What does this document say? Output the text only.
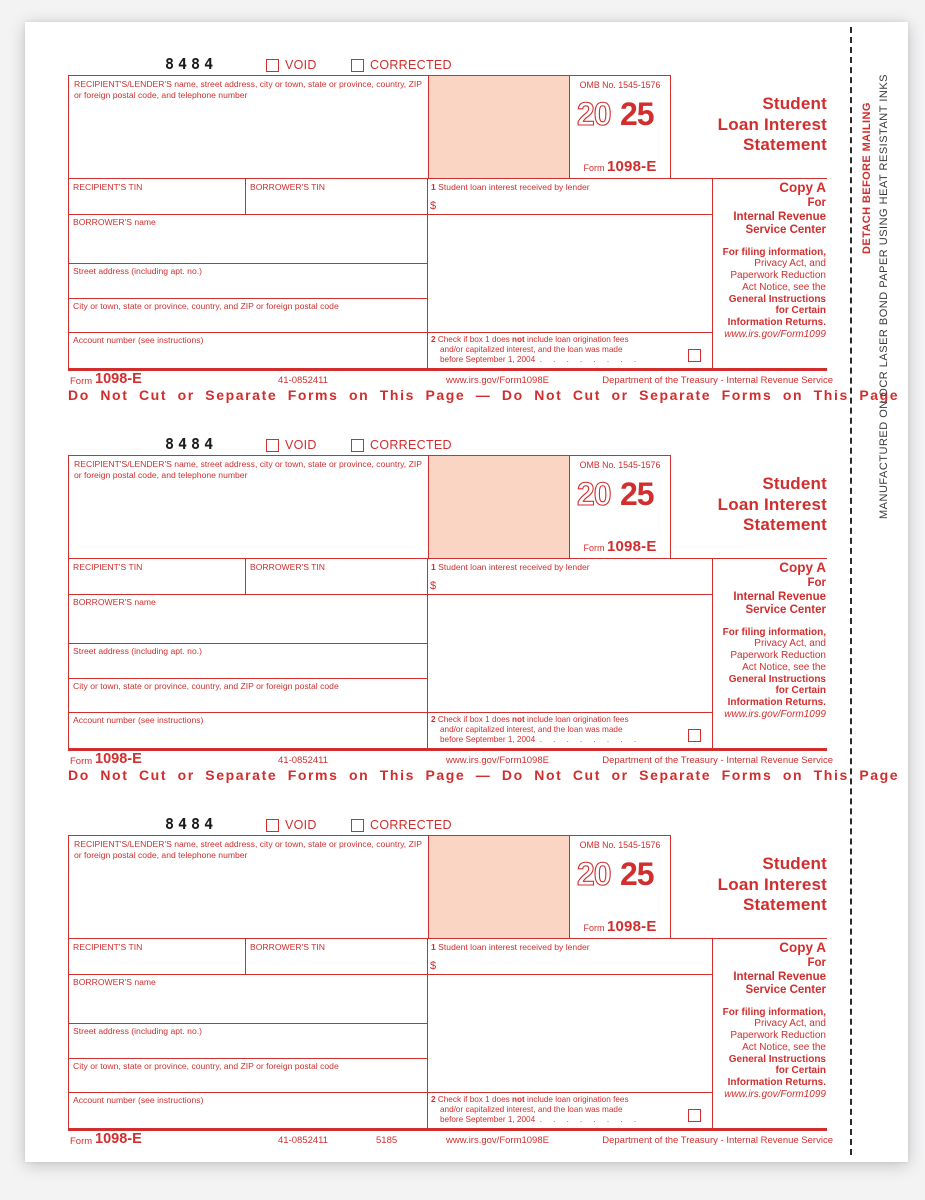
8484	VOID	CORRECTED
RECIPIENT'S/LENDER'S name, street address, city or town, state or province, country, ZIP or foreign postal code, and telephone number
OMB No. 1545-1576
20 25
Form 1098-E
Student
Loan Interest
Statement
RECIPIENT'S TIN	BORROWER'S TIN	1 Student loan interest received by lender
$
BORROWER'S name
Street address (including apt. no.)
City or town, state or province, country, and ZIP or foreign postal code
Account number (see instructions)	2 Check if box 1 does not include loan origination fees
and/or capitalized interest, and the loan was made
before September 1, 2004 . . . . . . . .
Copy A
For
Internal Revenue
Service Center
For filing information,
Privacy Act, and
Paperwork Reduction
Act Notice, see the
General Instructions
for Certain
Information Returns.
www.irs.gov/Form1099
Form 1098-E	41-0852411	www.irs.gov/Form1098E	Department of the Treasury - Internal Revenue Service
Do Not Cut or Separate Forms on This Page — Do Not Cut or Separate Forms on This Page
8484	VOID	CORRECTED
RECIPIENT'S/LENDER'S name, street address, city or town, state or province, country, ZIP or foreign postal code, and telephone number
OMB No. 1545-1576
20 25
Form 1098-E
Student
Loan Interest
Statement
RECIPIENT'S TIN	BORROWER'S TIN	1 Student loan interest received by lender
$
BORROWER'S name
Street address (including apt. no.)
City or town, state or province, country, and ZIP or foreign postal code
Account number (see instructions)	2 Check if box 1 does not include loan origination fees
and/or capitalized interest, and the loan was made
before September 1, 2004 . . . . . . . .
Copy A
For
Internal Revenue
Service Center
For filing information,
Privacy Act, and
Paperwork Reduction
Act Notice, see the
General Instructions
for Certain
Information Returns.
www.irs.gov/Form1099
Form 1098-E	41-0852411	www.irs.gov/Form1098E	Department of the Treasury - Internal Revenue Service
Do Not Cut or Separate Forms on This Page — Do Not Cut or Separate Forms on This Page
8484	VOID	CORRECTED
RECIPIENT'S/LENDER'S name, street address, city or town, state or province, country, ZIP or foreign postal code, and telephone number
OMB No. 1545-1576
20 25
Form 1098-E
Student
Loan Interest
Statement
RECIPIENT'S TIN	BORROWER'S TIN	1 Student loan interest received by lender
$
BORROWER'S name
Street address (including apt. no.)
City or town, state or province, country, and ZIP or foreign postal code
Account number (see instructions)	2 Check if box 1 does not include loan origination fees
and/or capitalized interest, and the loan was made
before September 1, 2004 . . . . . . . .
Copy A
For
Internal Revenue
Service Center
For filing information,
Privacy Act, and
Paperwork Reduction
Act Notice, see the
General Instructions
for Certain
Information Returns.
www.irs.gov/Form1099
Form 1098-E	41-0852411	5185	www.irs.gov/Form1098E	Department of the Treasury - Internal Revenue Service
DETACH BEFORE MAILING MANUFACTURED ON OCR LASER BOND PAPER USING HEAT RESISTANT INKS
